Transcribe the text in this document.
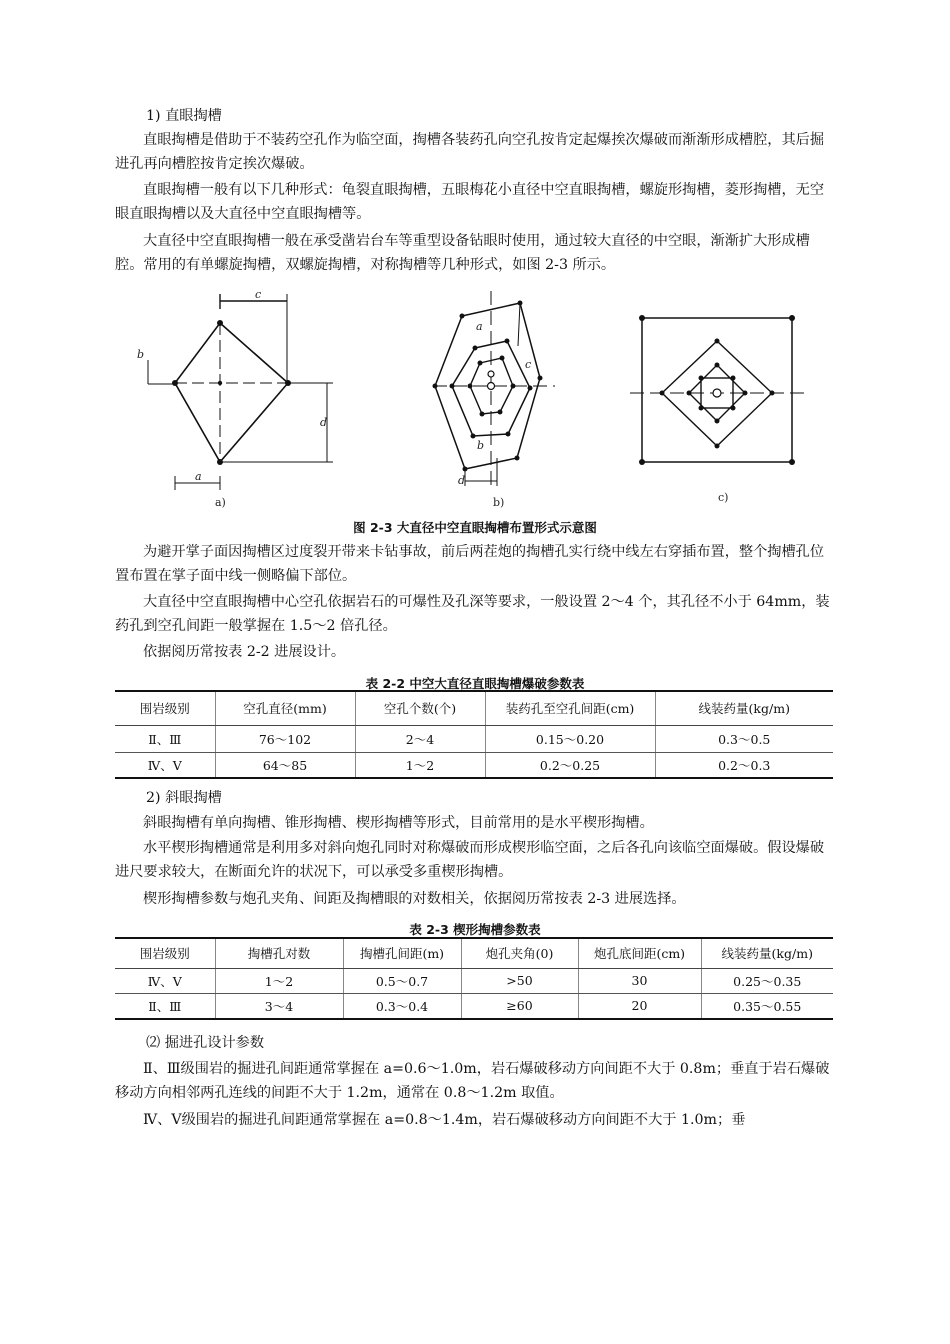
1) 直眼掏槽

直眼掏槽是借助于不装药空孔作为临空面，掏槽各装药孔向空孔按肯定起爆挨次爆破而渐渐形成槽腔，其后掘进孔再向槽腔按肯定挨次爆破。

直眼掏槽一般有以下几种形式：龟裂直眼掏槽，五眼梅花小直径中空直眼掏槽，螺旋形掏槽，菱形掏槽，无空眼直眼掏槽以及大直径中空直眼掏槽等。

大直径中空直眼掏槽一般在承受凿岩台车等重型设备钻眼时使用，通过较大直径的中空眼，渐渐扩大形成槽腔。常用的有单螺旋掏槽，双螺旋掏槽，对称掏槽等几种形式，如图 2-3 所示。

c
b
d
a
a)
a
c
b
d
b)	c)

图 2-3 大直径中空直眼掏槽布置形式示意图

为避开掌子面因掏槽区过度裂开带来卡钻事故，前后两茬炮的掏槽孔实行绕中线左右穿插布置，整个掏槽孔位置布置在掌子面中线一侧略偏下部位。

大直径中空直眼掏槽中心空孔依据岩石的可爆性及孔深等要求，一般设置 2～4 个，其孔径不小于 64mm，装药孔到空孔间距一般掌握在 1.5～2 倍孔径。

依据阅历常按表 2-2 进展设计。

表 2-2 中空大直径直眼掏槽爆破参数表

围岩级别	空孔直径(mm)	空孔个数(个)	装药孔至空孔间距(cm)	线装药量(kg/m)
Ⅱ、Ⅲ	76～102	2～4	0.15～0.20	0.3～0.5
Ⅳ、Ⅴ	64～85	1～2	0.2～0.25	0.2～0.3

2) 斜眼掏槽

斜眼掏槽有单向掏槽、锥形掏槽、楔形掏槽等形式，目前常用的是水平楔形掏槽。

水平楔形掏槽通常是利用多对斜向炮孔同时对称爆破而形成楔形临空面，之后各孔向该临空面爆破。假设爆破进尺要求较大，在断面允许的状况下，可以承受多重楔形掏槽。

楔形掏槽参数与炮孔夹角、间距及掏槽眼的对数相关，依据阅历常按表 2-3 进展选择。

表 2-3 楔形掏槽参数表

围岩级别	掏槽孔对数	掏槽孔间距(m)	炮孔夹角(0)	炮孔底间距(cm)	线装药量(kg/m)
Ⅳ、Ⅴ	1～2	0.5～0.7	>50	30	0.25～0.35
Ⅱ、Ⅲ	3～4	0.3～0.4	≥60	20	0.35～0.55

⑵ 掘进孔设计参数

Ⅱ、Ⅲ级围岩的掘进孔间距通常掌握在 a=0.6～1.0m，岩石爆破移动方向间距不大于 0.8m；垂直于岩石爆破移动方向相邻两孔连线的间距不大于 1.2m，通常在 0.8～1.2m 取值。

Ⅳ、Ⅴ级围岩的掘进孔间距通常掌握在 a=0.8～1.4m，岩石爆破移动方向间距不大于 1.0m；垂
